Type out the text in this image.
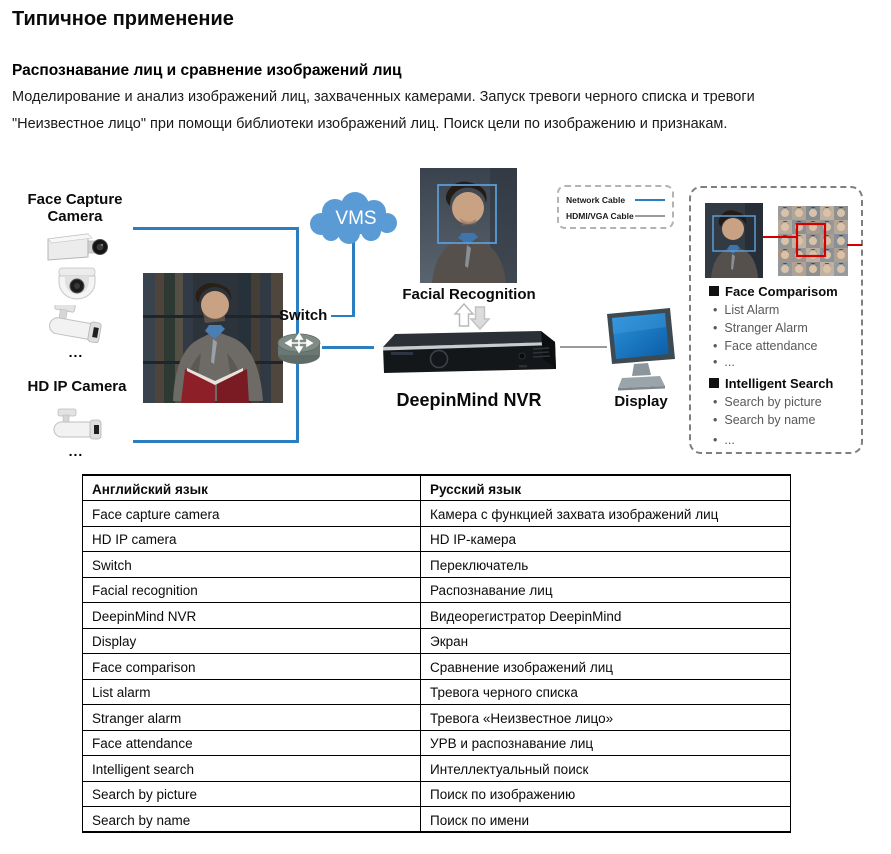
Типичное применение
Распознавание лиц и сравнение изображений лиц
Моделирование и анализ изображений лиц, захваченных камерами. Запуск тревоги черного списка и тревоги
"Неизвестное лицо" при помощи библиотеки изображений лиц. Поиск цели по изображению и признакам.
Face Capture Camera
...
HD IP Camera
...
VMS
Switch
Facial Recognition
DeepinMind NVR	Display
Network Cable
HDMI/VGA Cable
Face Comparisom
• List Alarm
• Stranger Alarm
• Face attendance
• ...
Intelligent Search
• Search by picture
• Search by name
• ...
Английский язык	Русский язык
Face capture camera	Камера с функцией захвата изображений лиц
HD IP camera	HD IP-камера
Switch	Переключатель
Facial recognition	Распознавание лиц
DeepinMind NVR	Видеорегистратор DeepinMind
Display	Экран
Face comparison	Сравнение изображений лиц
List alarm	Тревога черного списка
Stranger alarm	Тревога «Неизвестное лицо»
Face attendance	УРВ и распознавание лиц
Intelligent search	Интеллектуальный поиск
Search by picture	Поиск по изображению
Search by name	Поиск по имени
